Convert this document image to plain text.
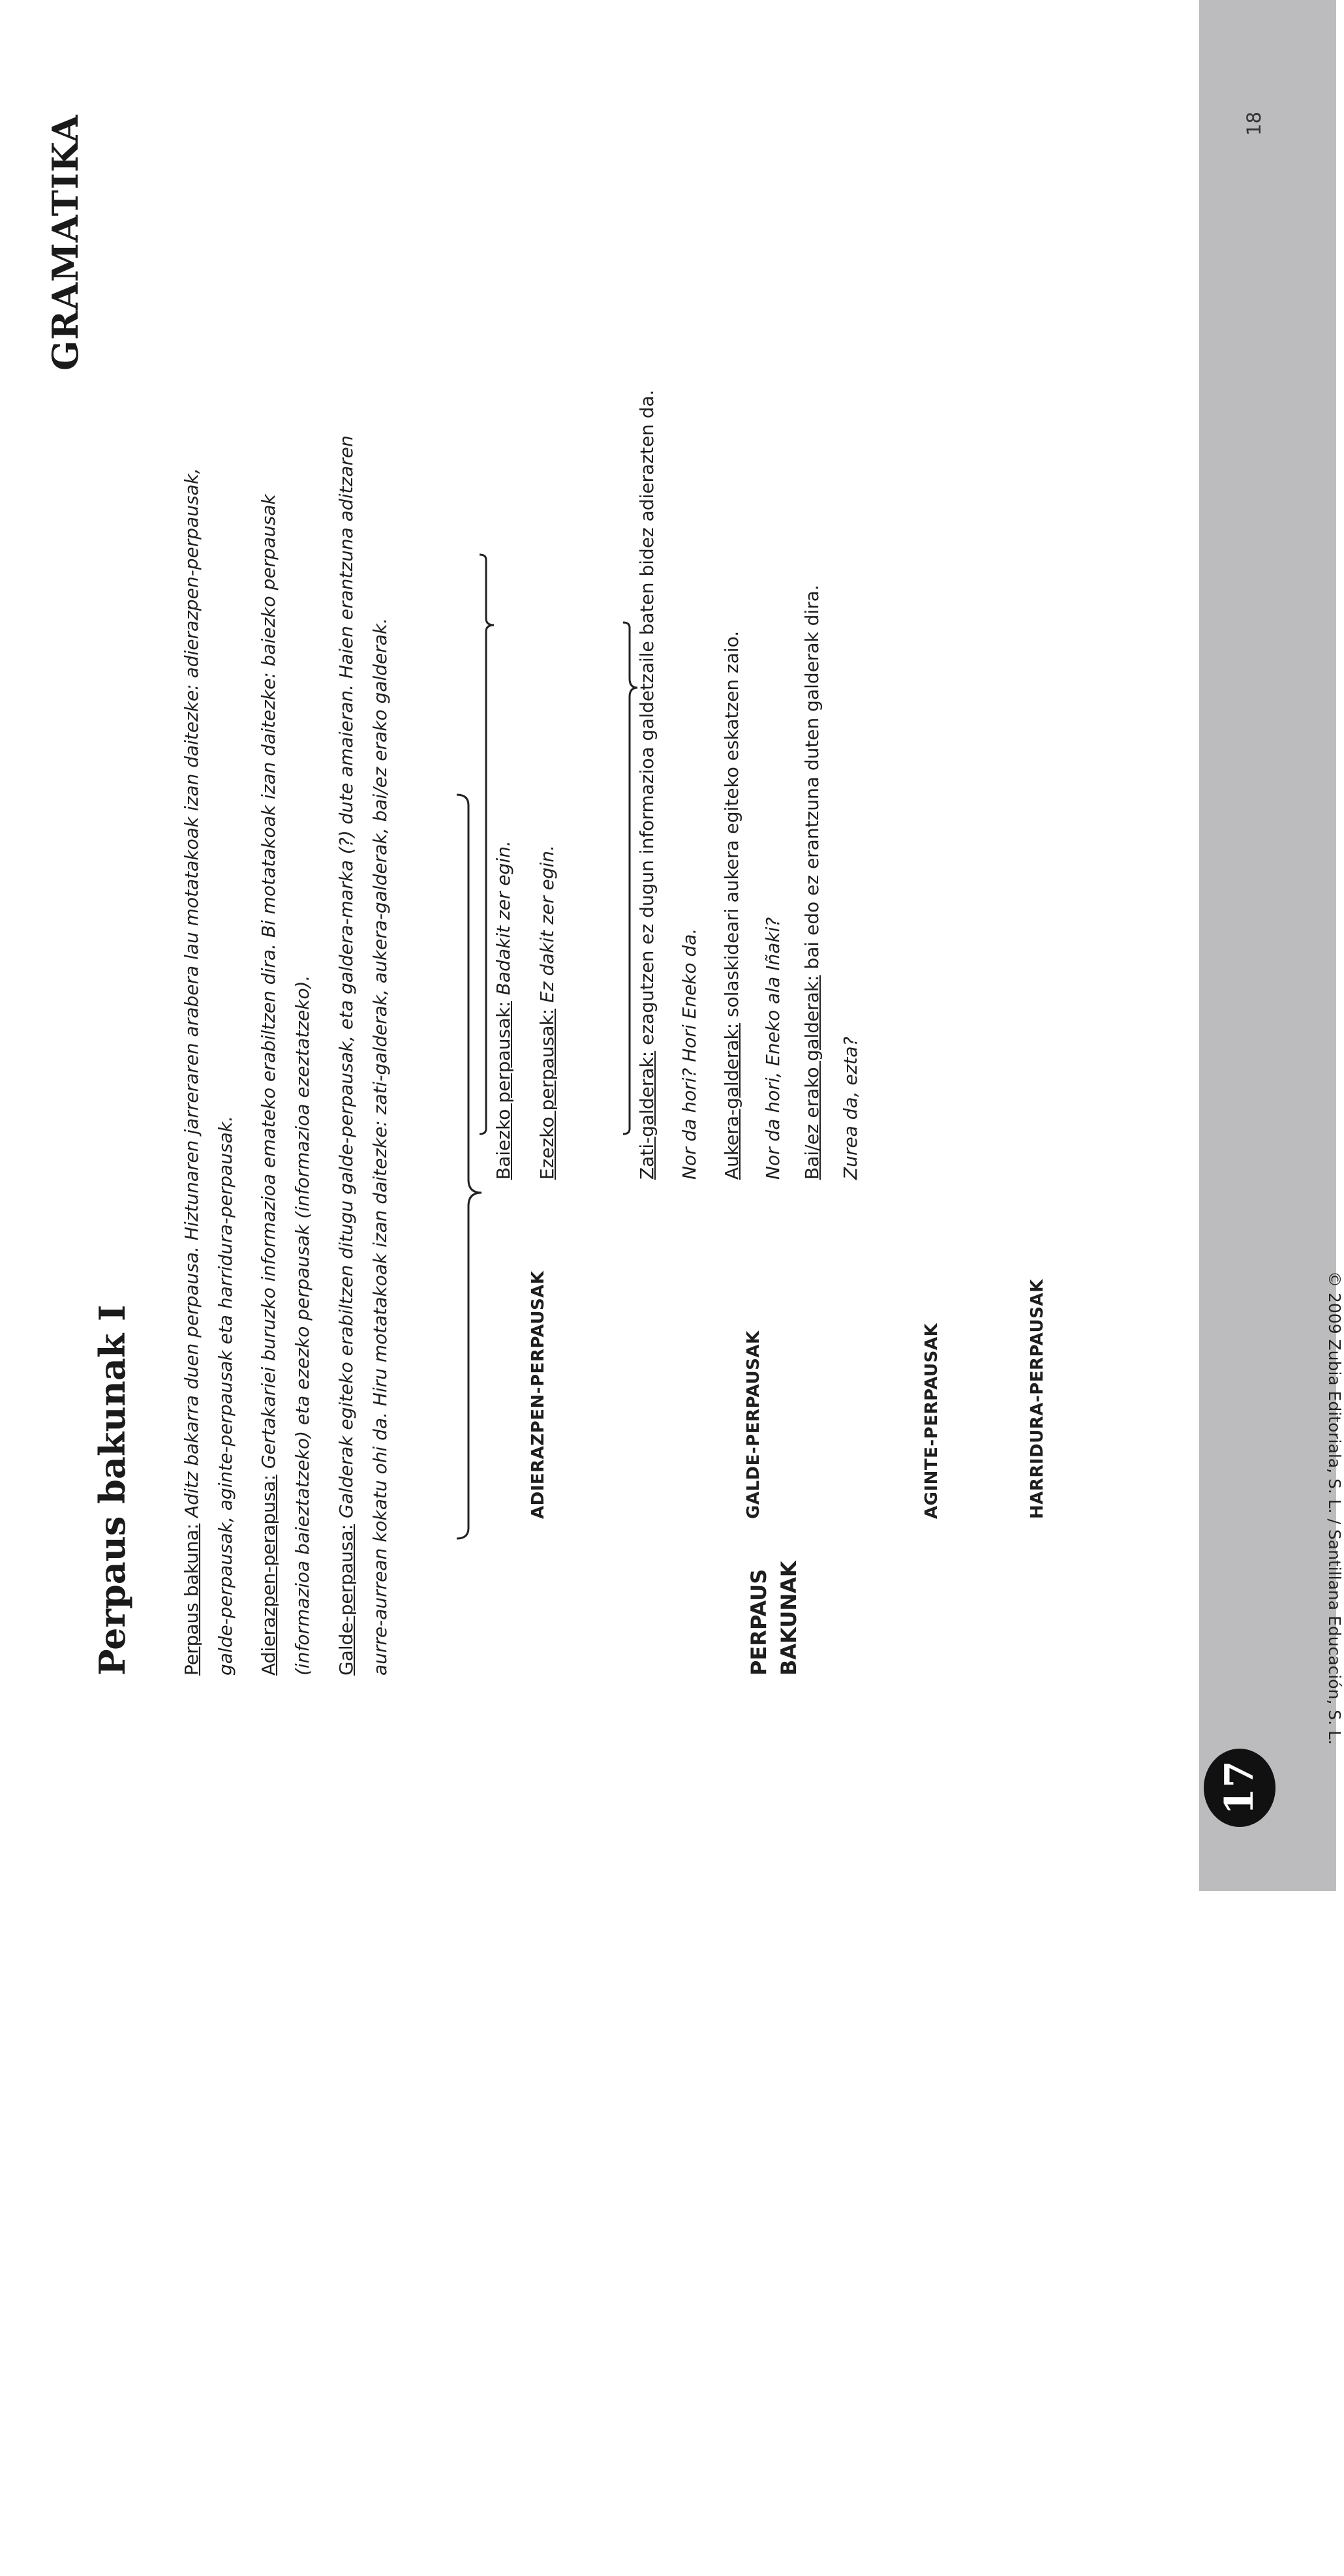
17
© 2009 Zubia Editoriala, S. L. / Santillana Educación, S. L.
Perpaus bakunak I
GRAMATIKA	18
Perpaus bakuna: Aditz bakarra duen perpausa. Hiztunaren jarreraren arabera lau motatakoak izan daitezke: adierazpen-perpausak, galde-perpausak, aginte-perpausak eta harridura-perpausak.	Adierazpen-perapusa: Gertakariei buruzko informazioa emateko erabiltzen dira. Bi motatakoak izan daitezke: baiezko perpausak (informazioa baieztatzeko) eta ezezko perpausak (informazioa ezeztatzeko).	Galde-perpausa: Galderak egiteko erabiltzen ditugu galde-perpausak, eta galdera-marka (?) dute amaieran. Haien erantzuna aditzaren aurre-aurrean kokatu ohi da. Hiru motatakoak izan daitezke: zati-galderak, aukera-galderak, bai/ez erako galderak.	PERPAUS BAKUNAK
ADIERAZPEN-PERPAUSAK	GALDE-PERPAUSAK	AGINTE-PERPAUSAK	HARRIDURA-PERPAUSAK
Baiezko perpausak: Badakit zer egin.
Ezezko perpausak: Ez dakit zer egin.
Zati-galderak: ezagutzen ez dugun informazioa galdetzaile baten bidez adierazten da.
Nor da hori? Hori Eneko da. Aukera-galderak: solaskideari aukera egiteko eskatzen zaio.
Nor da hori, Eneko ala Iñaki? Bai/ez erako galderak: bai edo ez erantzuna duten galderak dira.
Zurea da, ezta?
